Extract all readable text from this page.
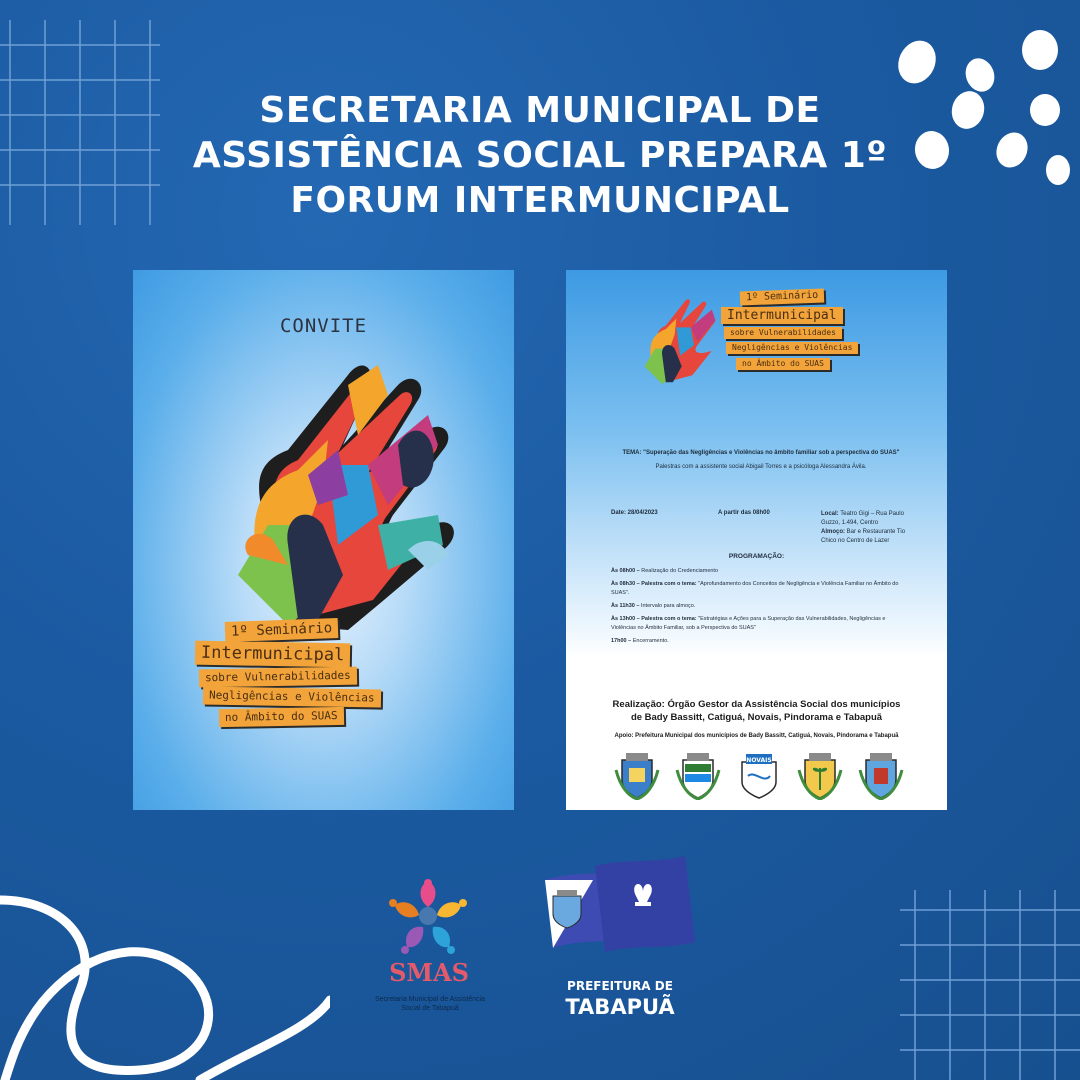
SECRETARIA MUNICIPAL DE
ASSISTÊNCIA SOCIAL PREPARA 1º
FORUM INTERMUNCIPAL
CONVITE
1º Seminário
Intermunicipal
sobre Vulnerabilidades
Negligências e Violências
no Âmbito do SUAS
1º Seminário
Intermunicipal
sobre Vulnerabilidades
Negligências e Violências
no Âmbito do SUAS
TEMA: "Superação das Negligências e Violências no âmbito familiar sob a perspectiva do SUAS"
Palestras com a assistente social Abigail Torres e a psicóloga Alessandra Ávila.
Date: 28/04/2023	A partir das 08h00	Local: Teatro Gigi – Rua Paulo Guzzo, 1.494, Centro
Almoço: Bar e Restaurante Tio Chico no Centro de Lazer
PROGRAMAÇÃO:
Às 08h00 – Realização do Credenciamento
Às 08h30 – Palestra com o tema: "Aprofundamento dos Conceitos de Negligência e Violência Familiar no Âmbito do SUAS".
Às 11h30 – Intervalo para almoço.
Às 13h00 – Palestra com o tema: "Estratégias e Ações para a Superação das Vulnerabilidades, Negligências e Violências no Âmbito Familiar, sob a Perspectiva do SUAS"
17h00 – Encerramento.
Realização: Órgão Gestor da Assistência Social dos municípios
de Bady Bassitt, Catiguá, Novais, Pindorama e Tabapuã
Apoio: Prefeitura Municipal dos municípios de Bady Bassitt, Catiguá, Novais, Pindorama e Tabapuã
NOVAIS
SMAS
Secretaria Municipal de Assistência
Social de Tabapuã
PREFEITURA DE
TABAPUÃ
